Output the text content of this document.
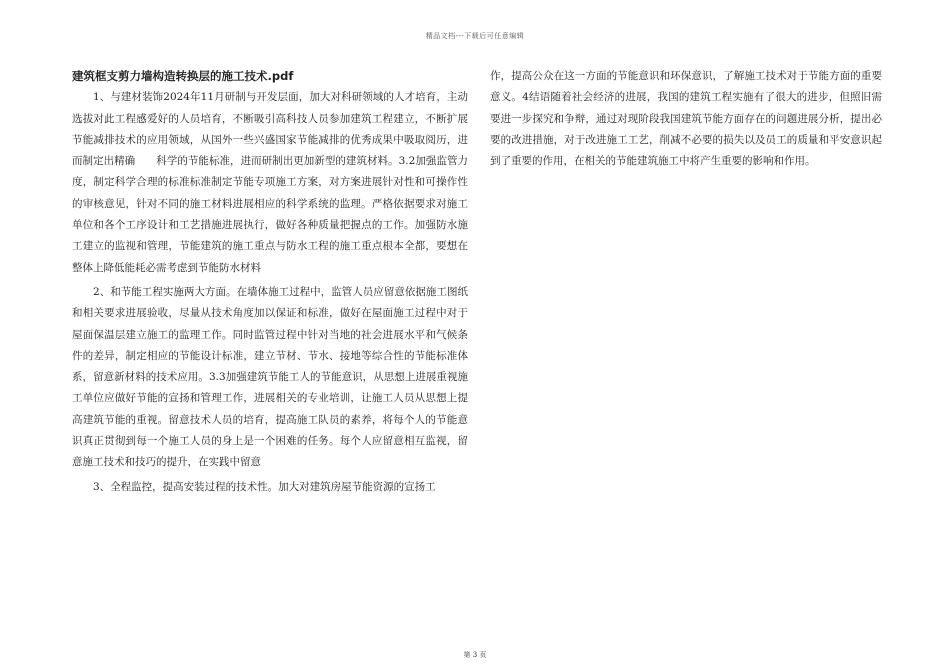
精品文档---下载后可任意编辑

建筑框支剪力墙构造转换层的施工技术.pdf

1、与建材装饰2024年11月研制与开发层面，加大对科研领域的人才培育，主动选拔对此工程感爱好的人员培育，不断吸引高科技人员参加建筑工程建立，不断扩展节能减排技术的应用领域，从国外一些兴盛国家节能减排的优秀成果中吸取阅历，进而制定出精确　　科学的节能标准，进而研制出更加新型的建筑材料。3.2加强监管力度，制定科学合理的标准标准制定节能专项施工方案，对方案进展针对性和可操作性的审核意见，针对不同的施工材料进展相应的科学系统的监理。严格依据要求对施工单位和各个工序设计和工艺措施进展执行，做好各种质量把握点的工作。加强防水施工建立的监视和管理，节能建筑的施工重点与防水工程的施工重点根本全都，要想在整体上降低能耗必需考虑到节能防水材料

2、和节能工程实施两大方面。在墙体施工过程中，监管人员应留意依据施工图纸和相关要求进展验收，尽量从技术角度加以保证和标准，做好在屋面施工过程中对于屋面保温层建立施工的监理工作。同时监管过程中针对当地的社会进展水平和气候条件的差异，制定相应的节能设计标准，建立节材、节水、接地等综合性的节能标准体系，留意新材料的技术应用。3.3加强建筑节能工人的节能意识，从思想上进展重视施工单位应做好节能的宣扬和管理工作，进展相关的专业培训，让施工人员从思想上提高建筑节能的重视。留意技术人员的培育，提高施工队员的素养，将每个人的节能意识真正贯彻到每一个施工人员的身上是一个困难的任务。每个人应留意相互监视，留意施工技术和技巧的提升，在实践中留意

3、全程监控，提高安装过程的技术性。加大对建筑房屋节能资源的宣扬工

作，提高公众在这一方面的节能意识和环保意识，了解施工技术对于节能方面的重要意义。4结语随着社会经济的进展，我国的建筑工程实施有了很大的进步，但照旧需要进一步探究和争辩，通过对现阶段我国建筑节能方面存在的问题进展分析，提出必要的改进措施，对于改进施工工艺，削减不必要的损失以及员工的质量和平安意识起到了重要的作用，在相关的节能建筑施工中将产生重要的影响和作用。

第 3 页
